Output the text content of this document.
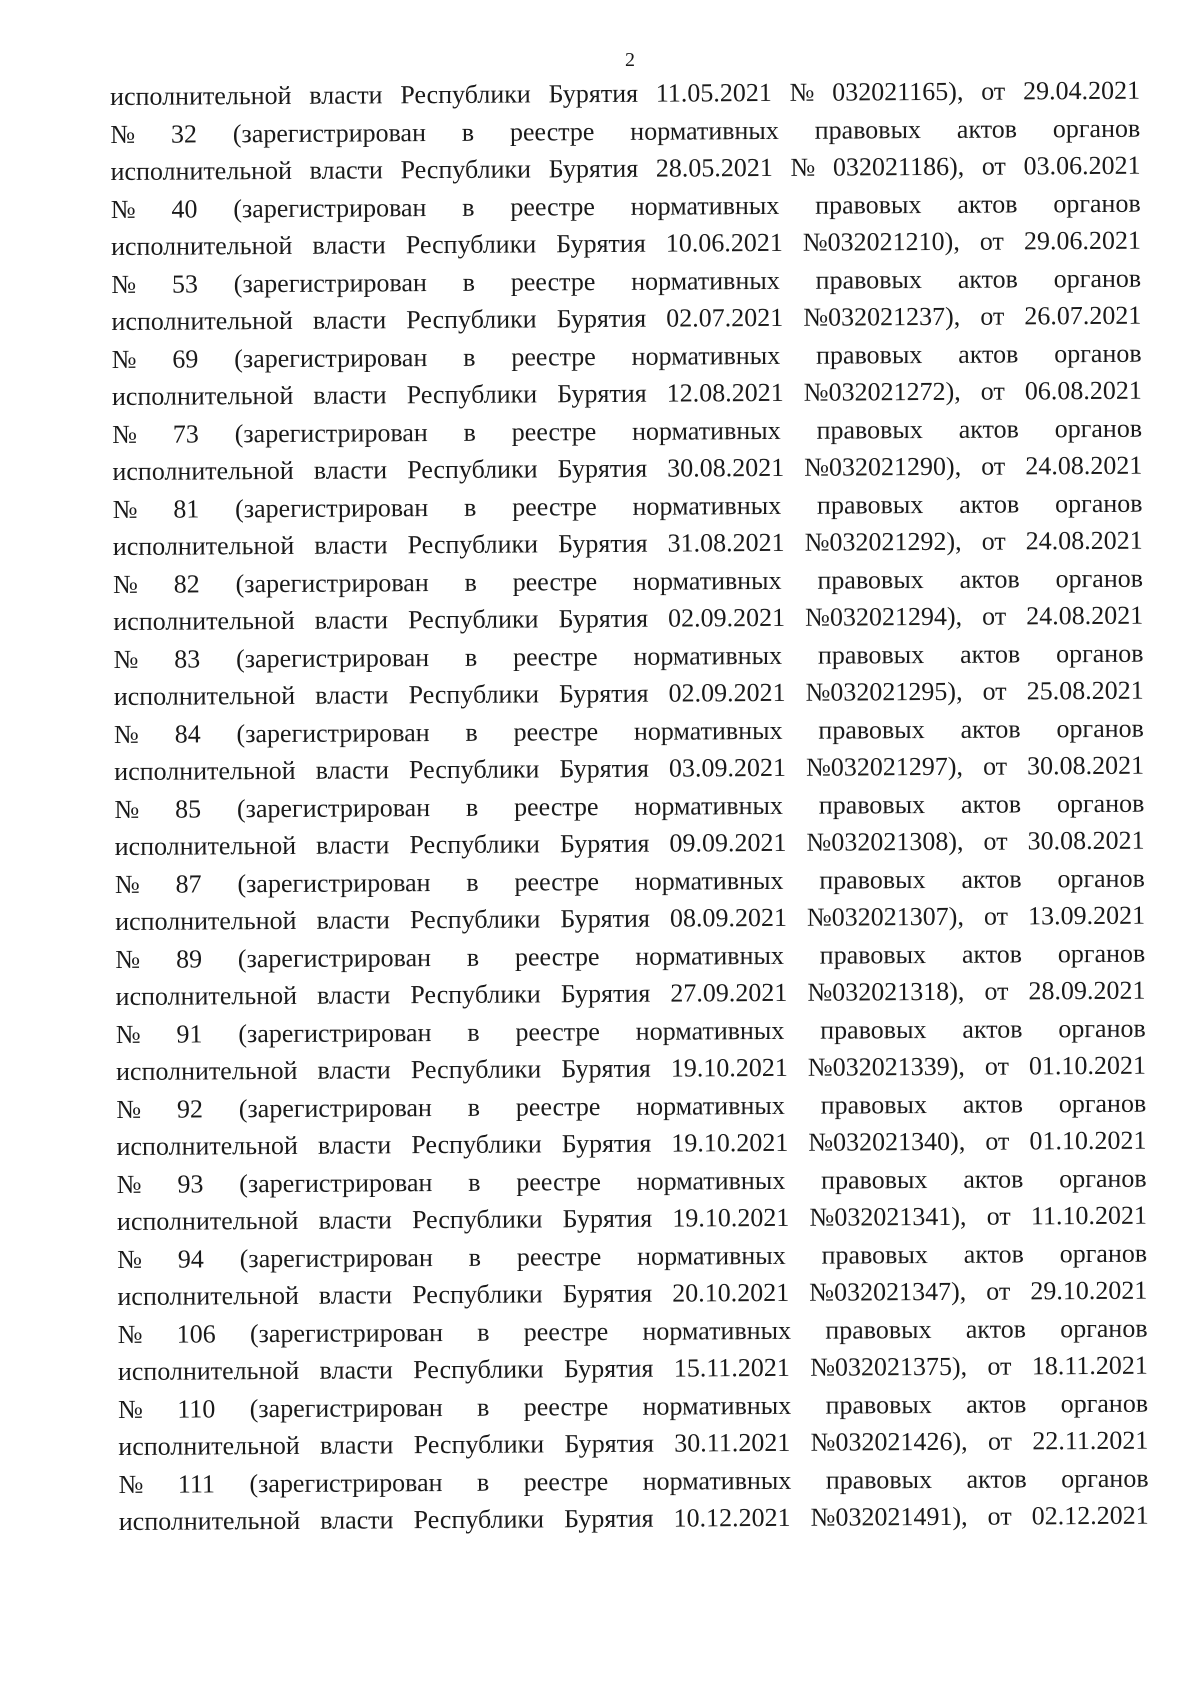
2
исполнительной власти Республики Бурятия 11.05.2021 № 032021165), от 29.04.2021
№ 32 (зарегистрирован в реестре нормативных правовых актов органов
исполнительной власти Республики Бурятия 28.05.2021 № 032021186), от 03.06.2021
№ 40 (зарегистрирован в реестре нормативных правовых актов органов
исполнительной власти Республики Бурятия 10.06.2021 №032021210), от 29.06.2021
№ 53 (зарегистрирован в реестре нормативных правовых актов органов
исполнительной власти Республики Бурятия 02.07.2021 №032021237), от 26.07.2021
№ 69 (зарегистрирован в реестре нормативных правовых актов органов
исполнительной власти Республики Бурятия 12.08.2021 №032021272), от 06.08.2021
№ 73 (зарегистрирован в реестре нормативных правовых актов органов
исполнительной власти Республики Бурятия 30.08.2021 №032021290), от 24.08.2021
№ 81 (зарегистрирован в реестре нормативных правовых актов органов
исполнительной власти Республики Бурятия 31.08.2021 №032021292), от 24.08.2021
№ 82 (зарегистрирован в реестре нормативных правовых актов органов
исполнительной власти Республики Бурятия 02.09.2021 №032021294), от 24.08.2021
№ 83 (зарегистрирован в реестре нормативных правовых актов органов
исполнительной власти Республики Бурятия 02.09.2021 №032021295), от 25.08.2021
№ 84 (зарегистрирован в реестре нормативных правовых актов органов
исполнительной власти Республики Бурятия 03.09.2021 №032021297), от 30.08.2021
№ 85 (зарегистрирован в реестре нормативных правовых актов органов
исполнительной власти Республики Бурятия 09.09.2021 №032021308), от 30.08.2021
№ 87 (зарегистрирован в реестре нормативных правовых актов органов
исполнительной власти Республики Бурятия 08.09.2021 №032021307), от 13.09.2021
№ 89 (зарегистрирован в реестре нормативных правовых актов органов
исполнительной власти Республики Бурятия 27.09.2021 №032021318), от 28.09.2021
№ 91 (зарегистрирован в реестре нормативных правовых актов органов
исполнительной власти Республики Бурятия 19.10.2021 №032021339), от 01.10.2021
№ 92 (зарегистрирован в реестре нормативных правовых актов органов
исполнительной власти Республики Бурятия 19.10.2021 №032021340), от 01.10.2021
№ 93 (зарегистрирован в реестре нормативных правовых актов органов
исполнительной власти Республики Бурятия 19.10.2021 №032021341), от 11.10.2021
№ 94 (зарегистрирован в реестре нормативных правовых актов органов
исполнительной власти Республики Бурятия 20.10.2021 №032021347), от 29.10.2021
№ 106 (зарегистрирован в реестре нормативных правовых актов органов
исполнительной власти Республики Бурятия 15.11.2021 №032021375), от 18.11.2021
№ 110 (зарегистрирован в реестре нормативных правовых актов органов
исполнительной власти Республики Бурятия 30.11.2021 №032021426), от 22.11.2021
№ 111 (зарегистрирован в реестре нормативных правовых актов органов
исполнительной власти Республики Бурятия 10.12.2021 №032021491), от 02.12.2021
